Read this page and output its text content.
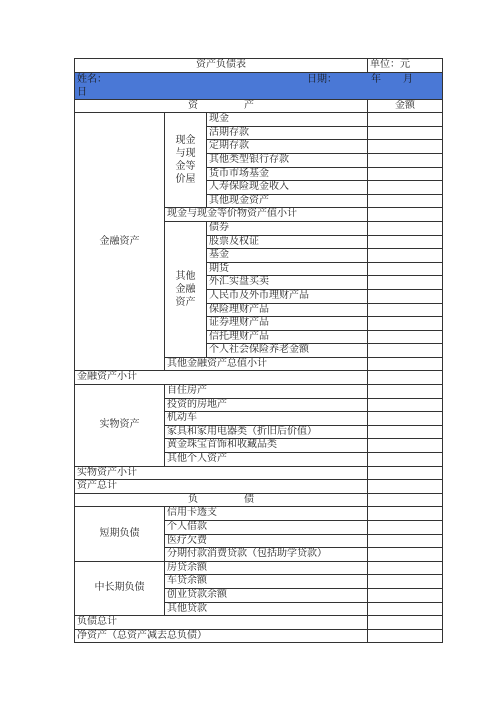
资产负债表			单位：元
姓名： 日期： 年 月
日			
资 产			金额
金融资产	现金与现金等价屋	现金	
		活期存款	
		定期存款	
		其他类型银行存款	
		货币市场基金	
		人寿保险现金收入	
		其他现金资产	
	现金与现金等价物资产值小计		
	其他金融资产	债券	
		股票及权证	
		基金	
		期货	
		外汇实盘买卖	
		人民币及外币理财产品	
		保险理财产品	
		证券理财产品	
		信托理财产品	
		个人社会保险养老金额	
	其他金融资产总值小计		
金融资产小计			
实物资产	自住房产		
	投资的房地产		
	机动车		
	家具和家用电器类（折旧后价值）		
	黄金珠宝首饰和收藏品类		
	其他个人资产		
实物资产小计			
资产总计			
负 债			
短期负债	信用卡透支		
	个人借款		
	医疗欠费		
	分期付款消费贷款（包括助学贷款）		
中长期负债	房贷余额		
	车贷余额		
	创业贷款余额		
	其他贷款		
负债总计			
净资产（总资产减去总负债）			
